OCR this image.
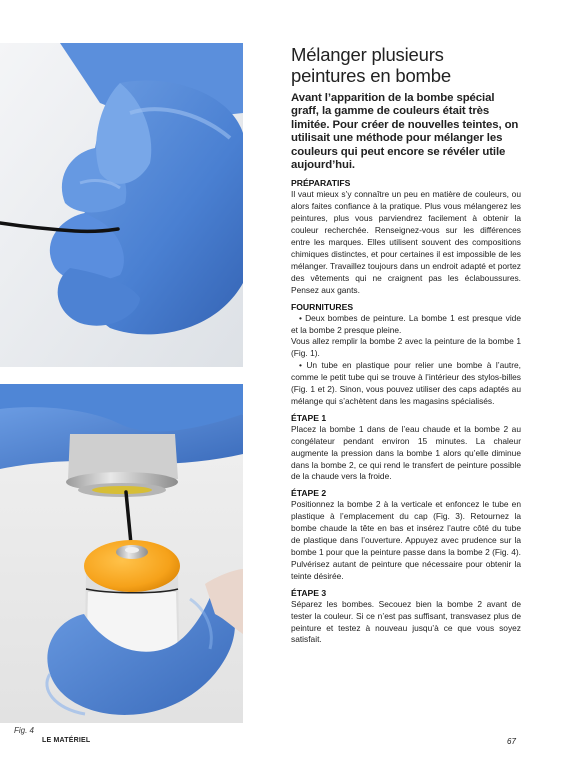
Fig. 4
LE MATÉRIEL	67
Mélanger plusieurs peintures en bombe

Avant l’apparition de la bombe spécial graff, la gamme de couleurs était très limitée. Pour créer de nouvelles teintes, on utilisait une méthode pour mélanger les couleurs qui peut encore se révéler utile aujourd’hui.

PRÉPARATIFS

Il vaut mieux s’y connaître un peu en matière de couleurs, ou alors faites confiance à la pratique. Plus vous mélangerez les peintures, plus vous parviendrez facilement à obtenir la couleur recherchée. Renseignez-vous sur les différences entre les marques. Elles utilisent souvent des compositions chimiques distinctes, et pour certaines il est impossible de les mélanger. Travaillez toujours dans un endroit adapté et portez des vêtements qui ne craignent pas les éclaboussures. Pensez aux gants.

FOURNITURES

• Deux bombes de peinture. La bombe 1 est presque vide et la bombe 2 presque pleine.

Vous allez remplir la bombe 2 avec la peinture de la bombe 1 (Fig. 1).

• Un tube en plastique pour relier une bombe à l’autre, comme le petit tube qui se trouve à l’intérieur des stylos-billes (Fig. 1 et 2). Sinon, vous pouvez utiliser des caps adaptés au mélange qui s’achètent dans les magasins spécialisés.

ÉTAPE 1

Placez la bombe 1 dans de l’eau chaude et la bombe 2 au congélateur pendant environ 15 minutes. La chaleur augmente la pression dans la bombe 1 alors qu’elle diminue dans la bombe 2, ce qui rend le transfert de peinture possible de la chaude vers la froide.

ÉTAPE 2

Positionnez la bombe 2 à la verticale et enfoncez le tube en plastique à l’emplacement du cap (Fig. 3). Retournez la bombe chaude la tête en bas et insérez l’autre côté du tube de plastique dans l’ouverture. Appuyez avec prudence sur la bombe 1 pour que la peinture passe dans la bombe 2 (Fig. 4). Pulvérisez autant de peinture que nécessaire pour obtenir la teinte désirée.

ÉTAPE 3

Séparez les bombes. Secouez bien la bombe 2 avant de tester la couleur. Si ce n’est pas suffisant, transvasez plus de peinture et testez à nouveau jusqu’à ce que vous soyez satisfait.
